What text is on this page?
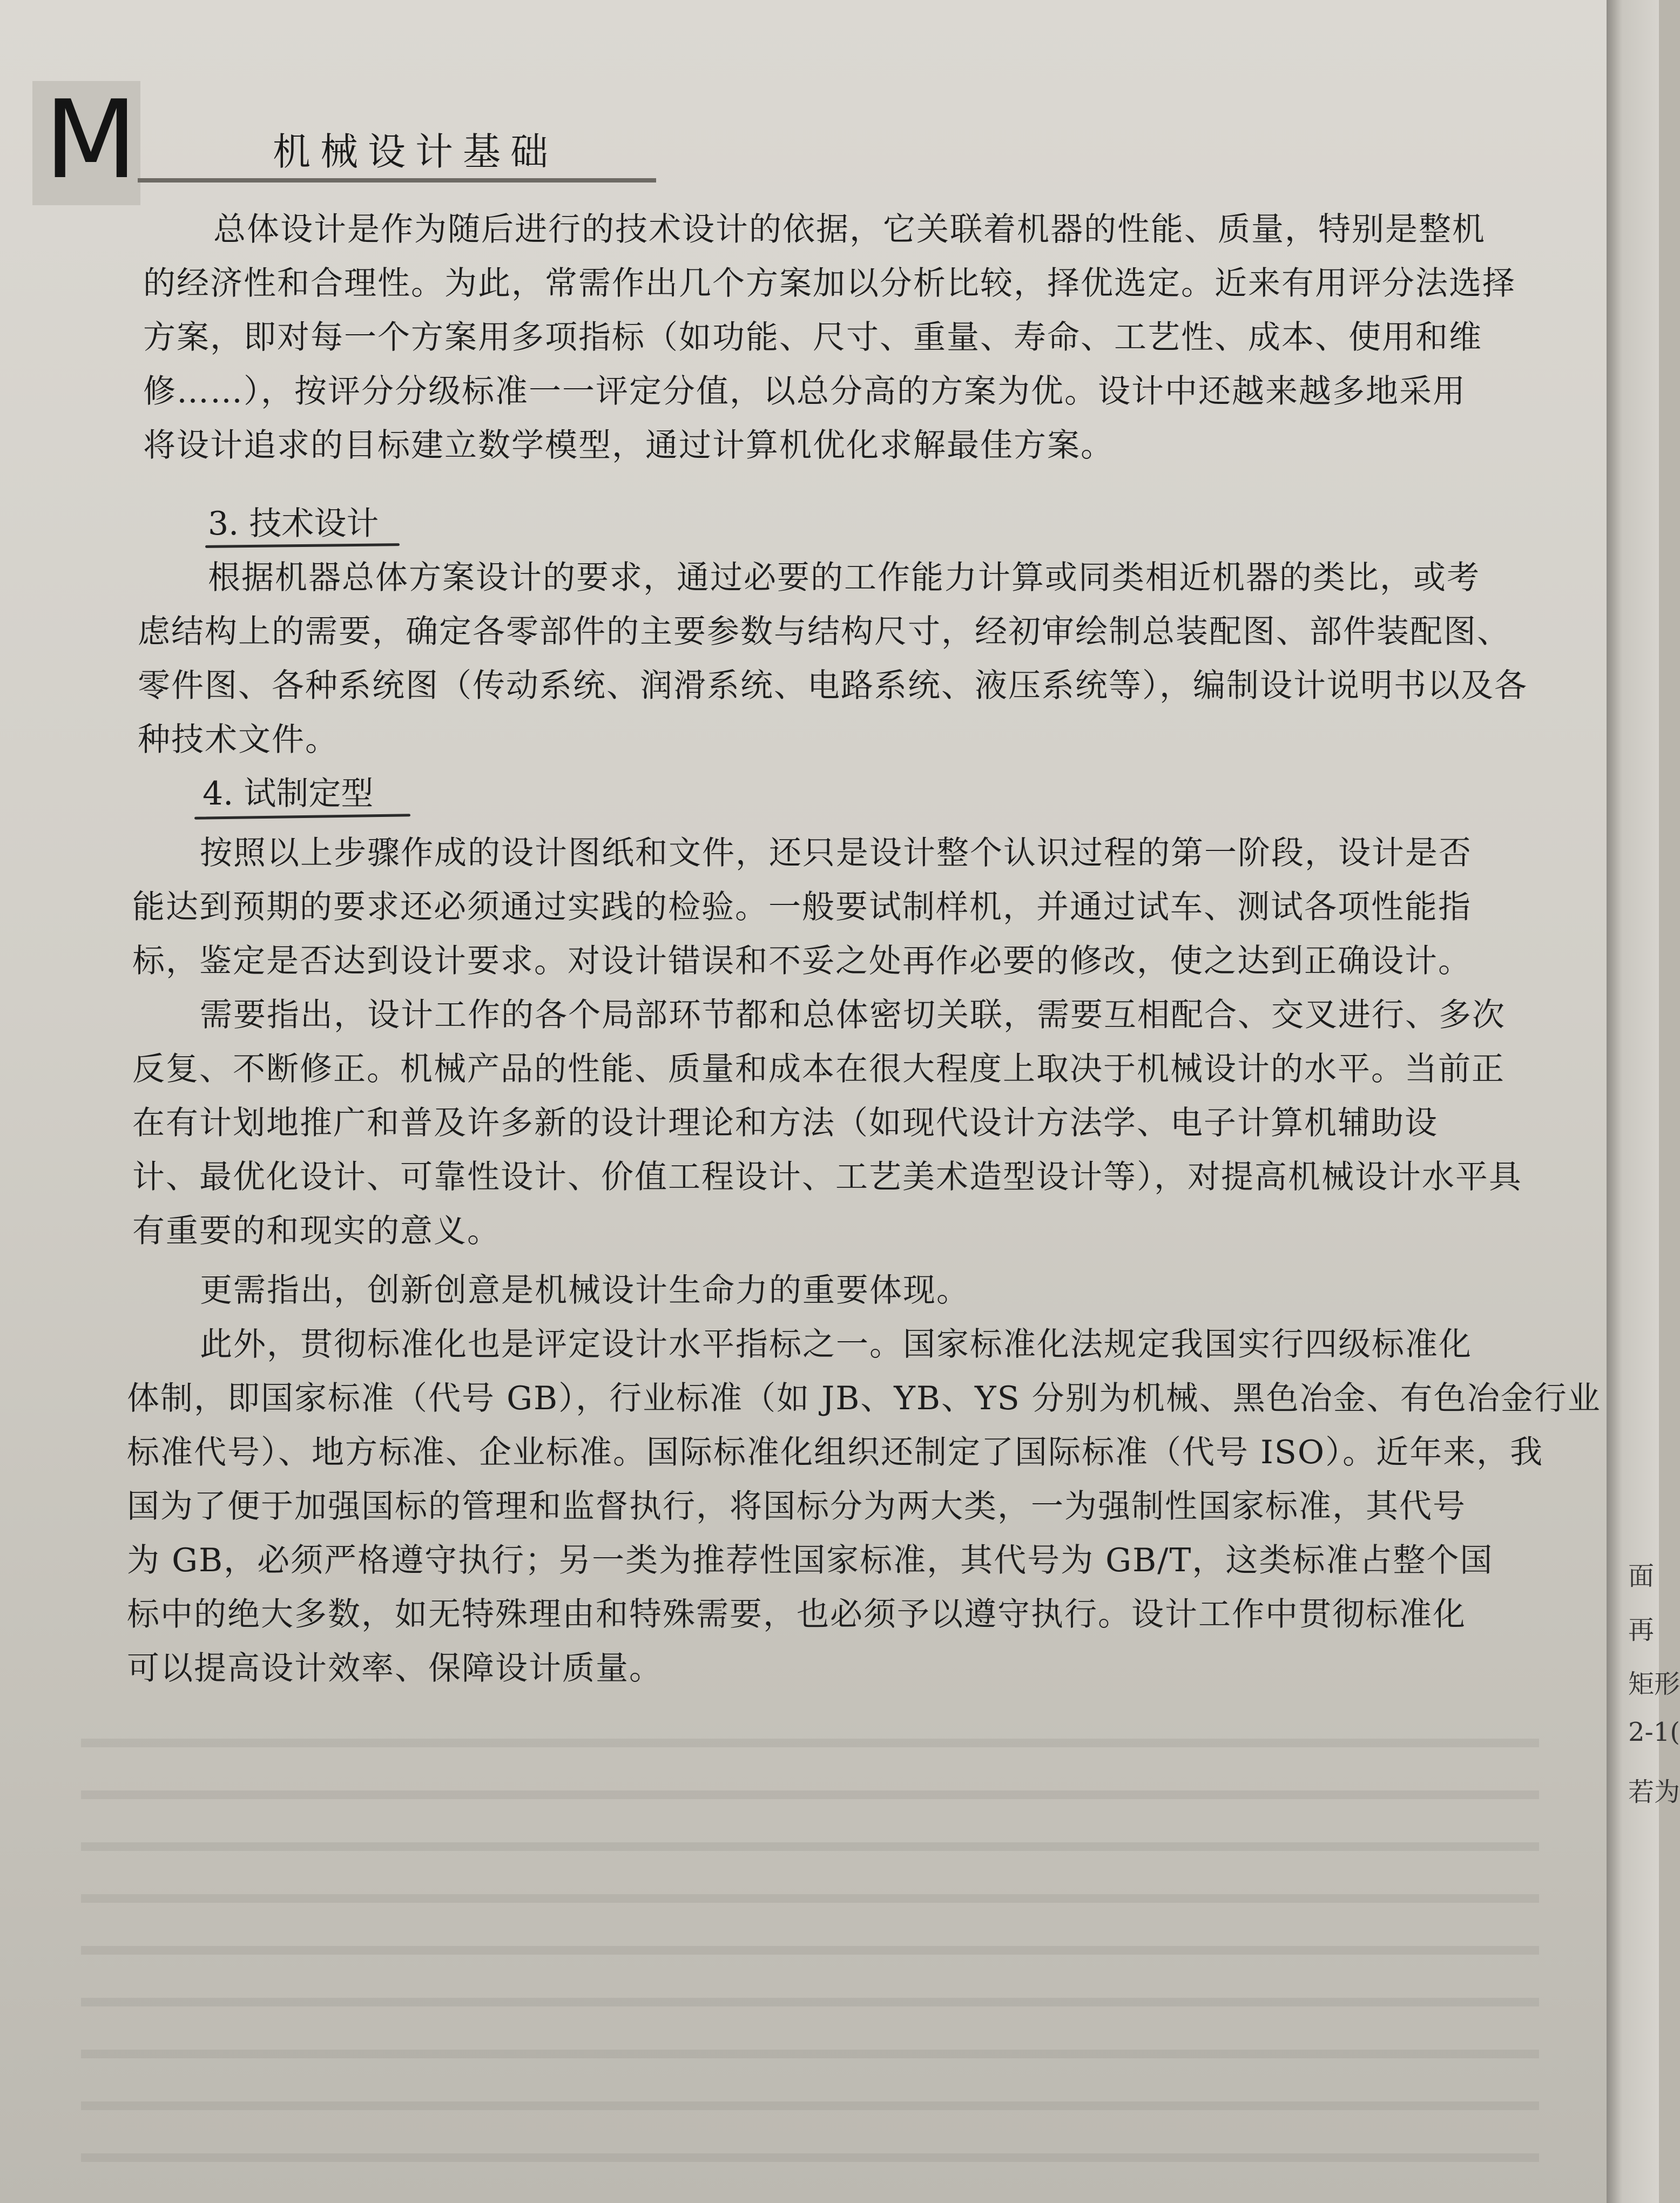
M	机械设计基础
总体设计是作为随后进行的技术设计的依据，它关联着机器的性能、质量，特别是整机
的经济性和合理性。为此，常需作出几个方案加以分析比较，择优选定。近来有用评分法选择
方案，即对每一个方案用多项指标（如功能、尺寸、重量、寿命、工艺性、成本、使用和维
修……），按评分分级标准一一评定分值，以总分高的方案为优。设计中还越来越多地采用
将设计追求的目标建立数学模型，通过计算机优化求解最佳方案。
3. 技术设计
根据机器总体方案设计的要求，通过必要的工作能力计算或同类相近机器的类比，或考
虑结构上的需要，确定各零部件的主要参数与结构尺寸，经初审绘制总装配图、部件装配图、
零件图、各种系统图（传动系统、润滑系统、电路系统、液压系统等），编制设计说明书以及各
种技术文件。
4. 试制定型
按照以上步骤作成的设计图纸和文件，还只是设计整个认识过程的第一阶段，设计是否
能达到预期的要求还必须通过实践的检验。一般要试制样机，并通过试车、测试各项性能指
标，鉴定是否达到设计要求。对设计错误和不妥之处再作必要的修改，使之达到正确设计。
需要指出，设计工作的各个局部环节都和总体密切关联，需要互相配合、交叉进行、多次
反复、不断修正。机械产品的性能、质量和成本在很大程度上取决于机械设计的水平。当前正
在有计划地推广和普及许多新的设计理论和方法（如现代设计方法学、电子计算机辅助设
计、最优化设计、可靠性设计、价值工程设计、工艺美术造型设计等），对提高机械设计水平具
有重要的和现实的意义。
更需指出，创新创意是机械设计生命力的重要体现。
此外，贯彻标准化也是评定设计水平指标之一。国家标准化法规定我国实行四级标准化
体制，即国家标准（代号 GB），行业标准（如 JB、YB、YS 分别为机械、黑色冶金、有色冶金行业
标准代号）、地方标准、企业标准。国际标准化组织还制定了国际标准（代号 ISO）。近年来，我
国为了便于加强国标的管理和监督执行，将国标分为两大类，一为强制性国家标准，其代号
为 GB，必须严格遵守执行；另一类为推荐性国家标准，其代号为 GB/T，这类标准占整个国
标中的绝大多数，如无特殊理由和特殊需要，也必须予以遵守执行。设计工作中贯彻标准化
可以提高设计效率、保障设计质量。
面
再
矩形
2-1(
若为
